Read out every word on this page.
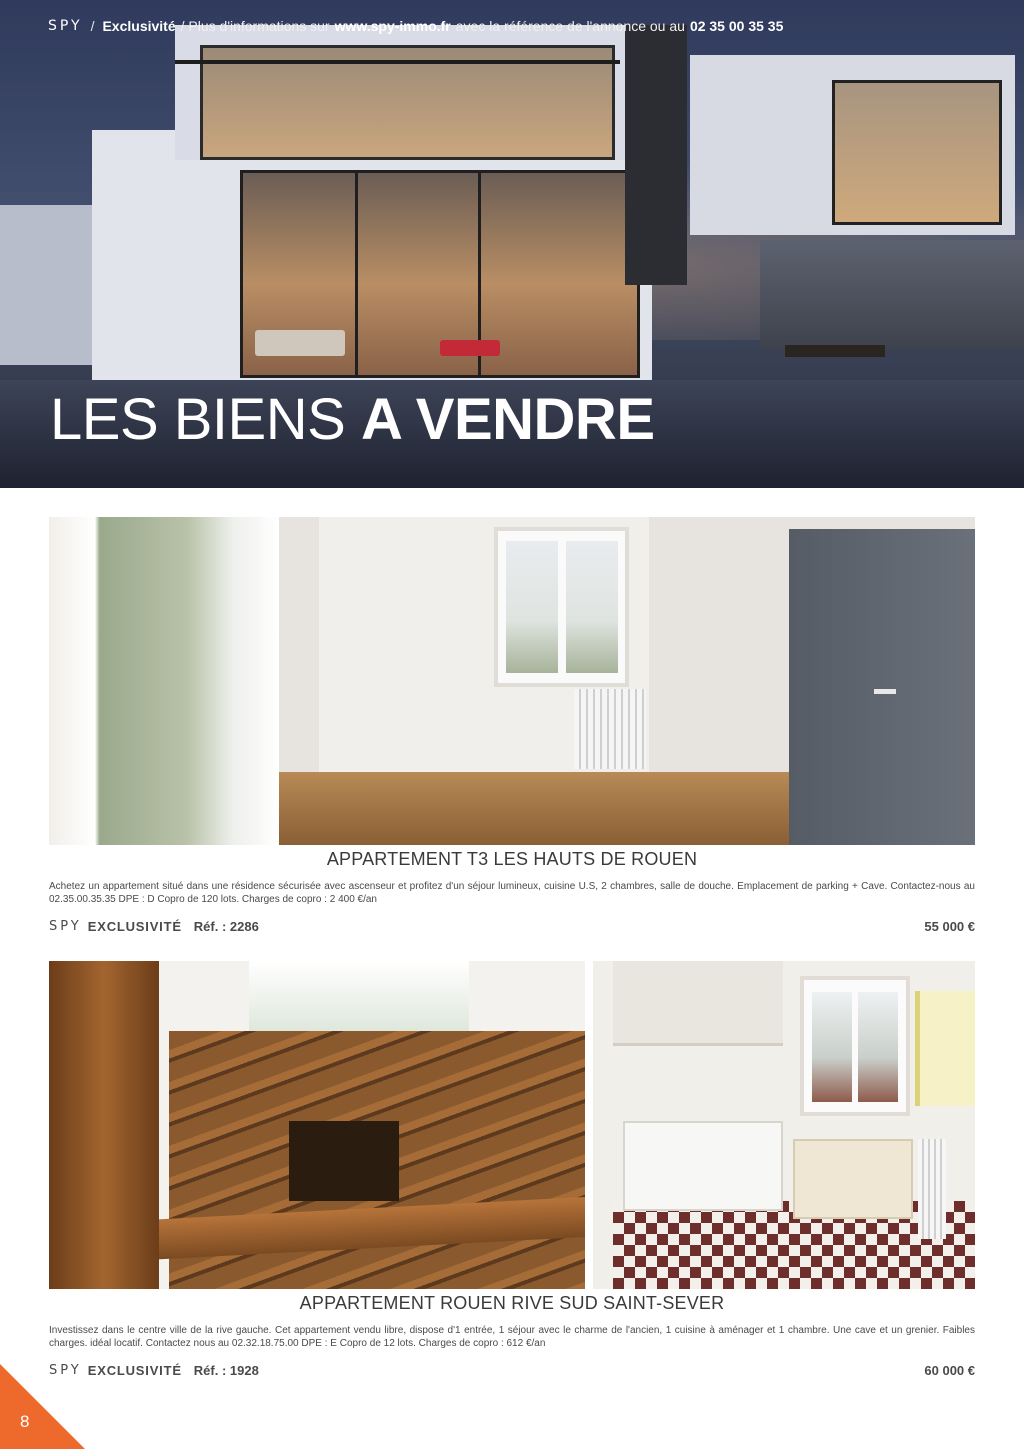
SPY / Exclusivité / Plus d'informations sur www.spy-immo.fr avec la référence de l'annonce ou au 02 35 00 35 35
LES BIENS A VENDRE
APPARTEMENT T3 LES HAUTS DE ROUEN
Achetez un appartement situé dans une résidence sécurisée avec ascenseur et profitez d'un séjour lumineux, cuisine U.S, 2 chambres, salle de douche. Emplacement de parking + Cave. Contactez-nous au 02.35.00.35.35 DPE : D Copro de 120 lots. Charges de copro : 2 400 €/an
SPY EXCLUSIVITÉ Réf. : 2286	55 000 €
APPARTEMENT ROUEN RIVE SUD SAINT-SEVER
Investissez dans le centre ville de la rive gauche. Cet appartement vendu libre, dispose d'1 entrée, 1 séjour avec le charme de l'ancien, 1 cuisine à aménager et 1 chambre. Une cave et un grenier. Faibles charges. idéal locatif. Contactez nous au 02.32.18.75.00 DPE : E Copro de 12 lots. Charges de copro : 612 €/an
SPY EXCLUSIVITÉ Réf. : 1928	60 000 €
8
